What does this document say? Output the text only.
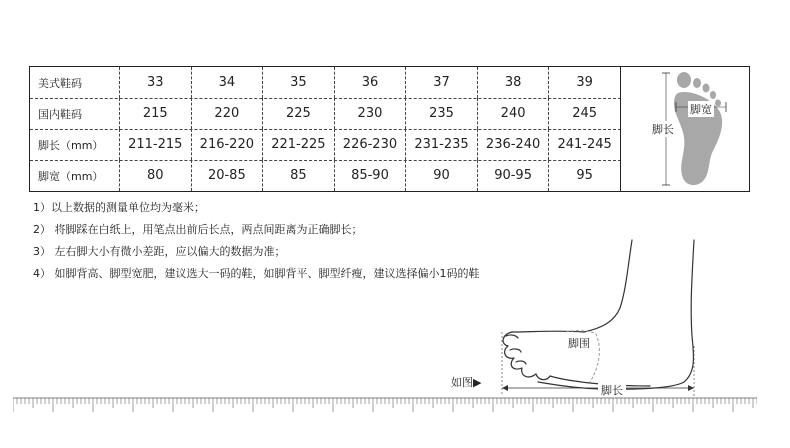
美式鞋码	33	34	35	36	37	38	39
国内鞋码	215	220	225	230	235	240	245
脚长（mm）	211-215	216-220	221-225	226-230	231-235	236-240	241-245
脚宽（mm）	80	20-85	85	85-90	90	90-95	95
脚宽
脚长
1）以上数据的测量单位均为毫米；
2） 将脚踩在白纸上，用笔点出前后长点，两点间距离为正确脚长；
3） 左右脚大小有微小差距，应以偏大的数据为准；
4） 如脚背高、脚型宽肥，建议选大一码的鞋，如脚背平、脚型纤瘦，建议选择偏小1码的鞋
脚围
脚长
如图▶
